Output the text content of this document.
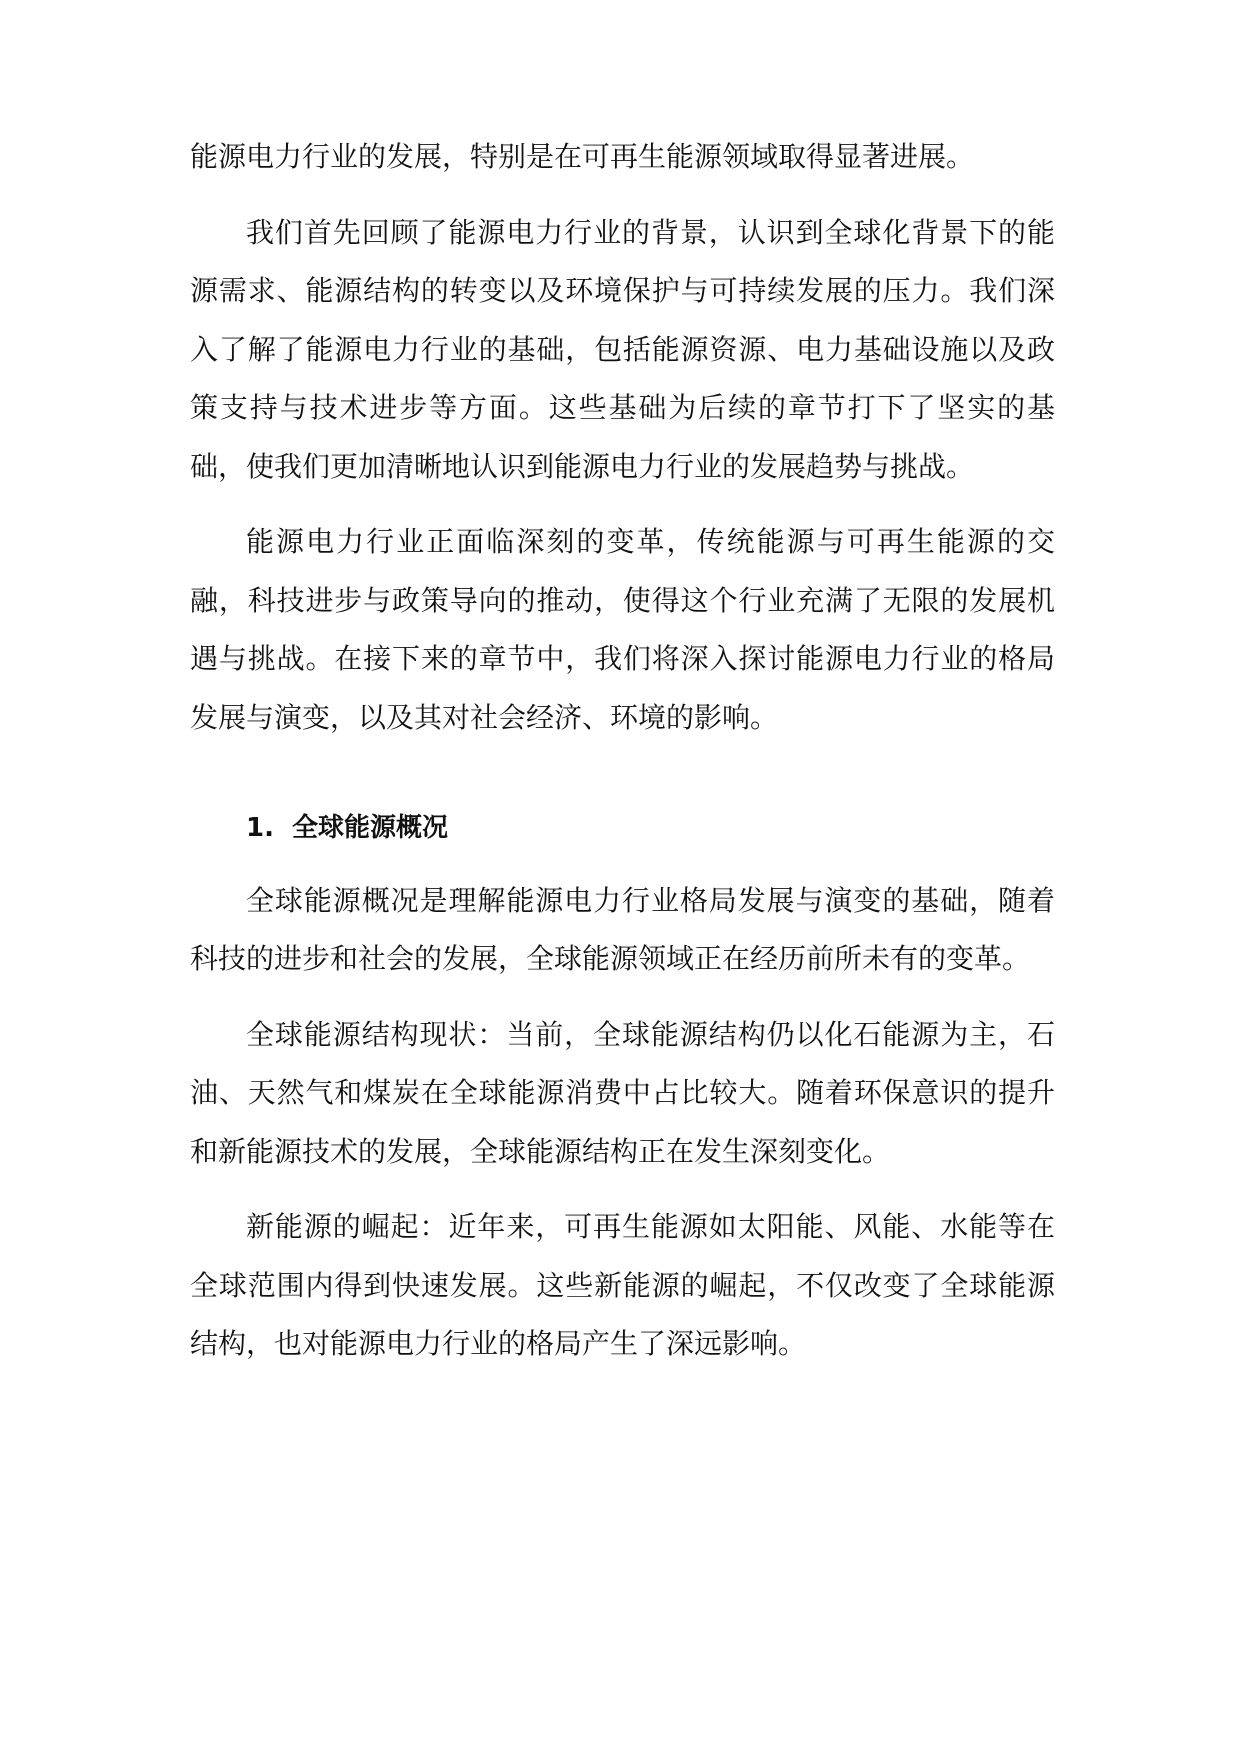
能源电力行业的发展，特别是在可再生能源领域取得显著进展。

我们首先回顾了能源电力行业的背景，认识到全球化背景下的能源需求、能源结构的转变以及环境保护与可持续发展的压力。我们深入了解了能源电力行业的基础，包括能源资源、电力基础设施以及政策支持与技术进步等方面。这些基础为后续的章节打下了坚实的基础，使我们更加清晰地认识到能源电力行业的发展趋势与挑战。

能源电力行业正面临深刻的变革，传统能源与可再生能源的交融，科技进步与政策导向的推动，使得这个行业充满了无限的发展机遇与挑战。在接下来的章节中，我们将深入探讨能源电力行业的格局发展与演变，以及其对社会经济、环境的影响。

1. 全球能源概况

全球能源概况是理解能源电力行业格局发展与演变的基础，随着科技的进步和社会的发展，全球能源领域正在经历前所未有的变革。

全球能源结构现状：当前，全球能源结构仍以化石能源为主，石油、天然气和煤炭在全球能源消费中占比较大。随着环保意识的提升和新能源技术的发展，全球能源结构正在发生深刻变化。

新能源的崛起：近年来，可再生能源如太阳能、风能、水能等在全球范围内得到快速发展。这些新能源的崛起，不仅改变了全球能源结构，也对能源电力行业的格局产生了深远影响。
